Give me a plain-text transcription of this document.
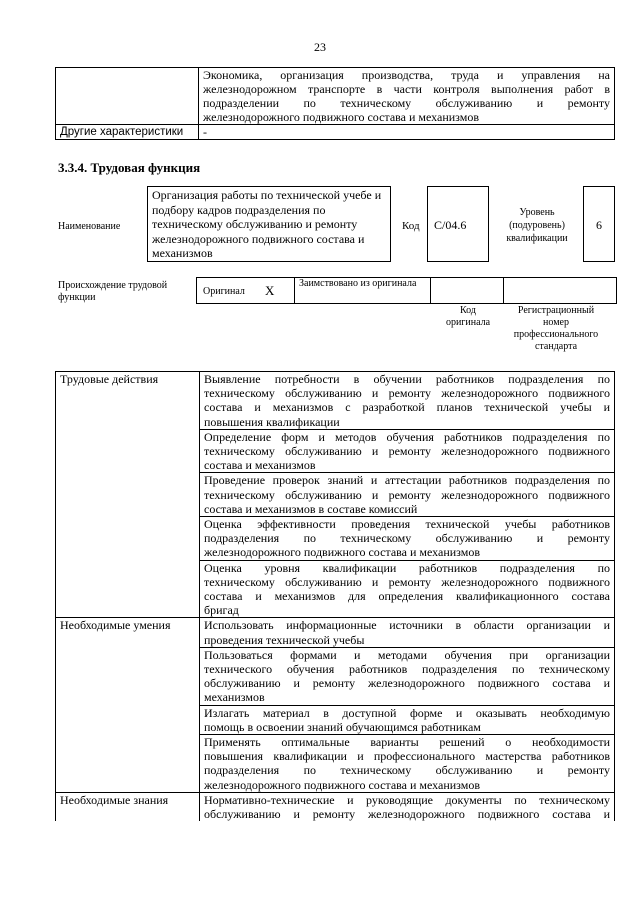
23

	Экономика, организация производства, труда и управления на
железнодорожном транспорте в части контроля выполнения работ в
подразделении по техническому обслуживанию и ремонту
железнодорожного подвижного состава и механизмов

Другие характеристики	-
3.3.4. Трудовая функция
Наименование
Организация работы по технической учебе и подбору кадров подразделения по техническому обслуживанию и ремонту железнодорожного подвижного состава и механизмов
Код	С/04.6
Уровень (подуровень) квалификации
6
Происхождение трудовой функции
Оригинал X Заимствовано из оригинала
Код оригинала
Регистрационный номер профессионального стандарта
Трудовые действия	Выявление потребности в обучении работников подразделения по
техническому обслуживанию и ремонту железнодорожного подвижного
состава и механизмов с разработкой планов технической учебы и
повышения квалификации

	Определение форм и методов обучения работников подразделения по
техническому обслуживанию и ремонту железнодорожного подвижного
состава и механизмов

	Проведение проверок знаний и аттестации работников подразделения по
техническому обслуживанию и ремонту железнодорожного подвижного
состава и механизмов в составе комиссий

	Оценка эффективности проведения технической учебы работников
подразделения по техническому обслуживанию и ремонту
железнодорожного подвижного состава и механизмов

	Оценка уровня квалификации работников подразделения по
техническому обслуживанию и ремонту железнодорожного подвижного
состава и механизмов для определения квалификационного состава
бригад

Необходимые умения	Использовать информационные источники в области организации и
проведения технической учебы

	Пользоваться формами и методами обучения при организации
технического обучения работников подразделения по техническому
обслуживанию и ремонту железнодорожного подвижного состава и
механизмов

	Излагать материал в доступной форме и оказывать необходимую
помощь в освоении знаний обучающимся работникам

	Применять оптимальные варианты решений о необходимости
повышения квалификации и профессионального мастерства работников
подразделения по техническому обслуживанию и ремонту
железнодорожного подвижного состава и механизмов

Необходимые знания	Нормативно-технические и руководящие документы по техническому
обслуживанию и ремонту железнодорожного подвижного состава и
